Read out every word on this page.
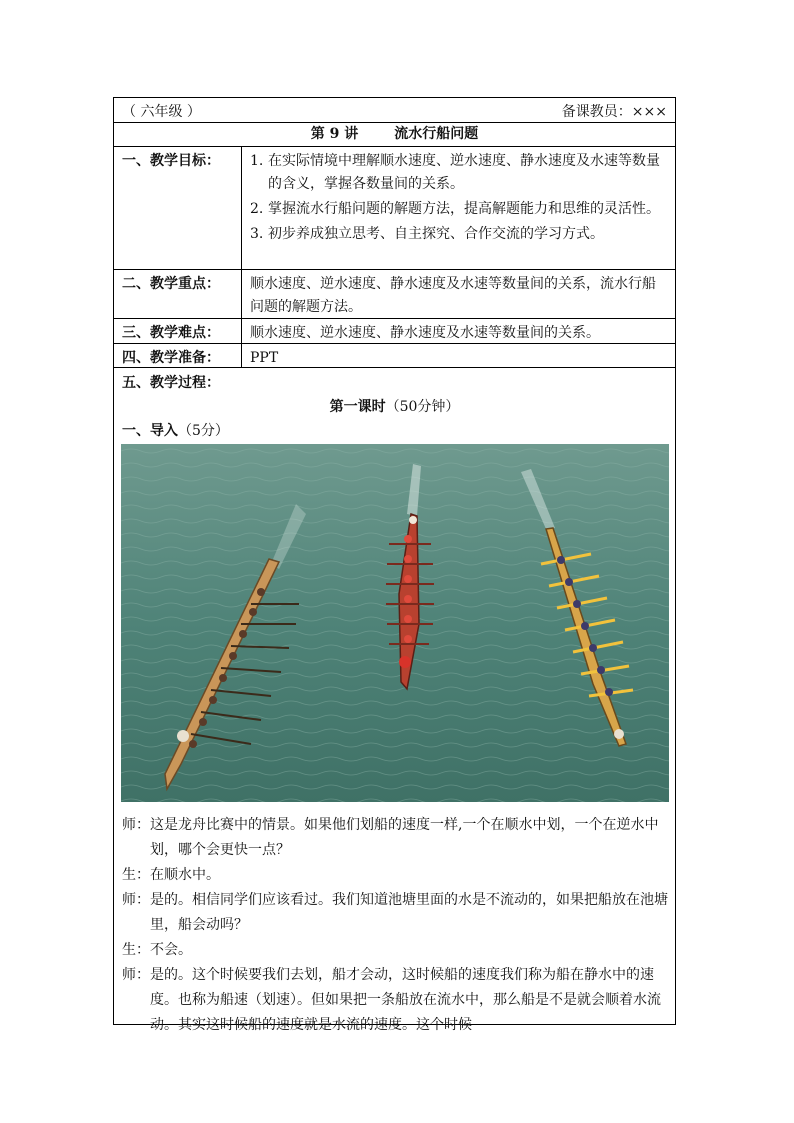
（ 六年级 ）	备课教员：×××
第 9 讲	流水行船问题
一、教学目标：	1. 在实际情境中理解顺水速度、逆水速度、静水速度及水速等数量的含义，掌握各数量间的关系。
2. 掌握流水行船问题的解题方法，提高解题能力和思维的灵活性。
3. 初步养成独立思考、自主探究、合作交流的学习方式。
二、教学重点：	顺水速度、逆水速度、静水速度及水速等数量间的关系，流水行船问题的解题方法。
三、教学难点：	顺水速度、逆水速度、静水速度及水速等数量间的关系。
四、教学准备：	PPT
五、教学过程：
第一课时（50分钟）
一、导入（5分）
师： 这是龙舟比赛中的情景。如果他们划船的速度一样,一个在顺水中划，一个在逆水中划，哪个会更快一点？
生： 在顺水中。
师： 是的。相信同学们应该看过。我们知道池塘里面的水是不流动的，如果把船放在池塘里，船会动吗？
生： 不会。
师： 是的。这个时候要我们去划，船才会动，这时候船的速度我们称为船在静水中的速度。也称为船速（划速）。但如果把一条船放在流水中，那么船是不是就会顺着水流动。其实这时候船的速度就是水流的速度。这个时候
